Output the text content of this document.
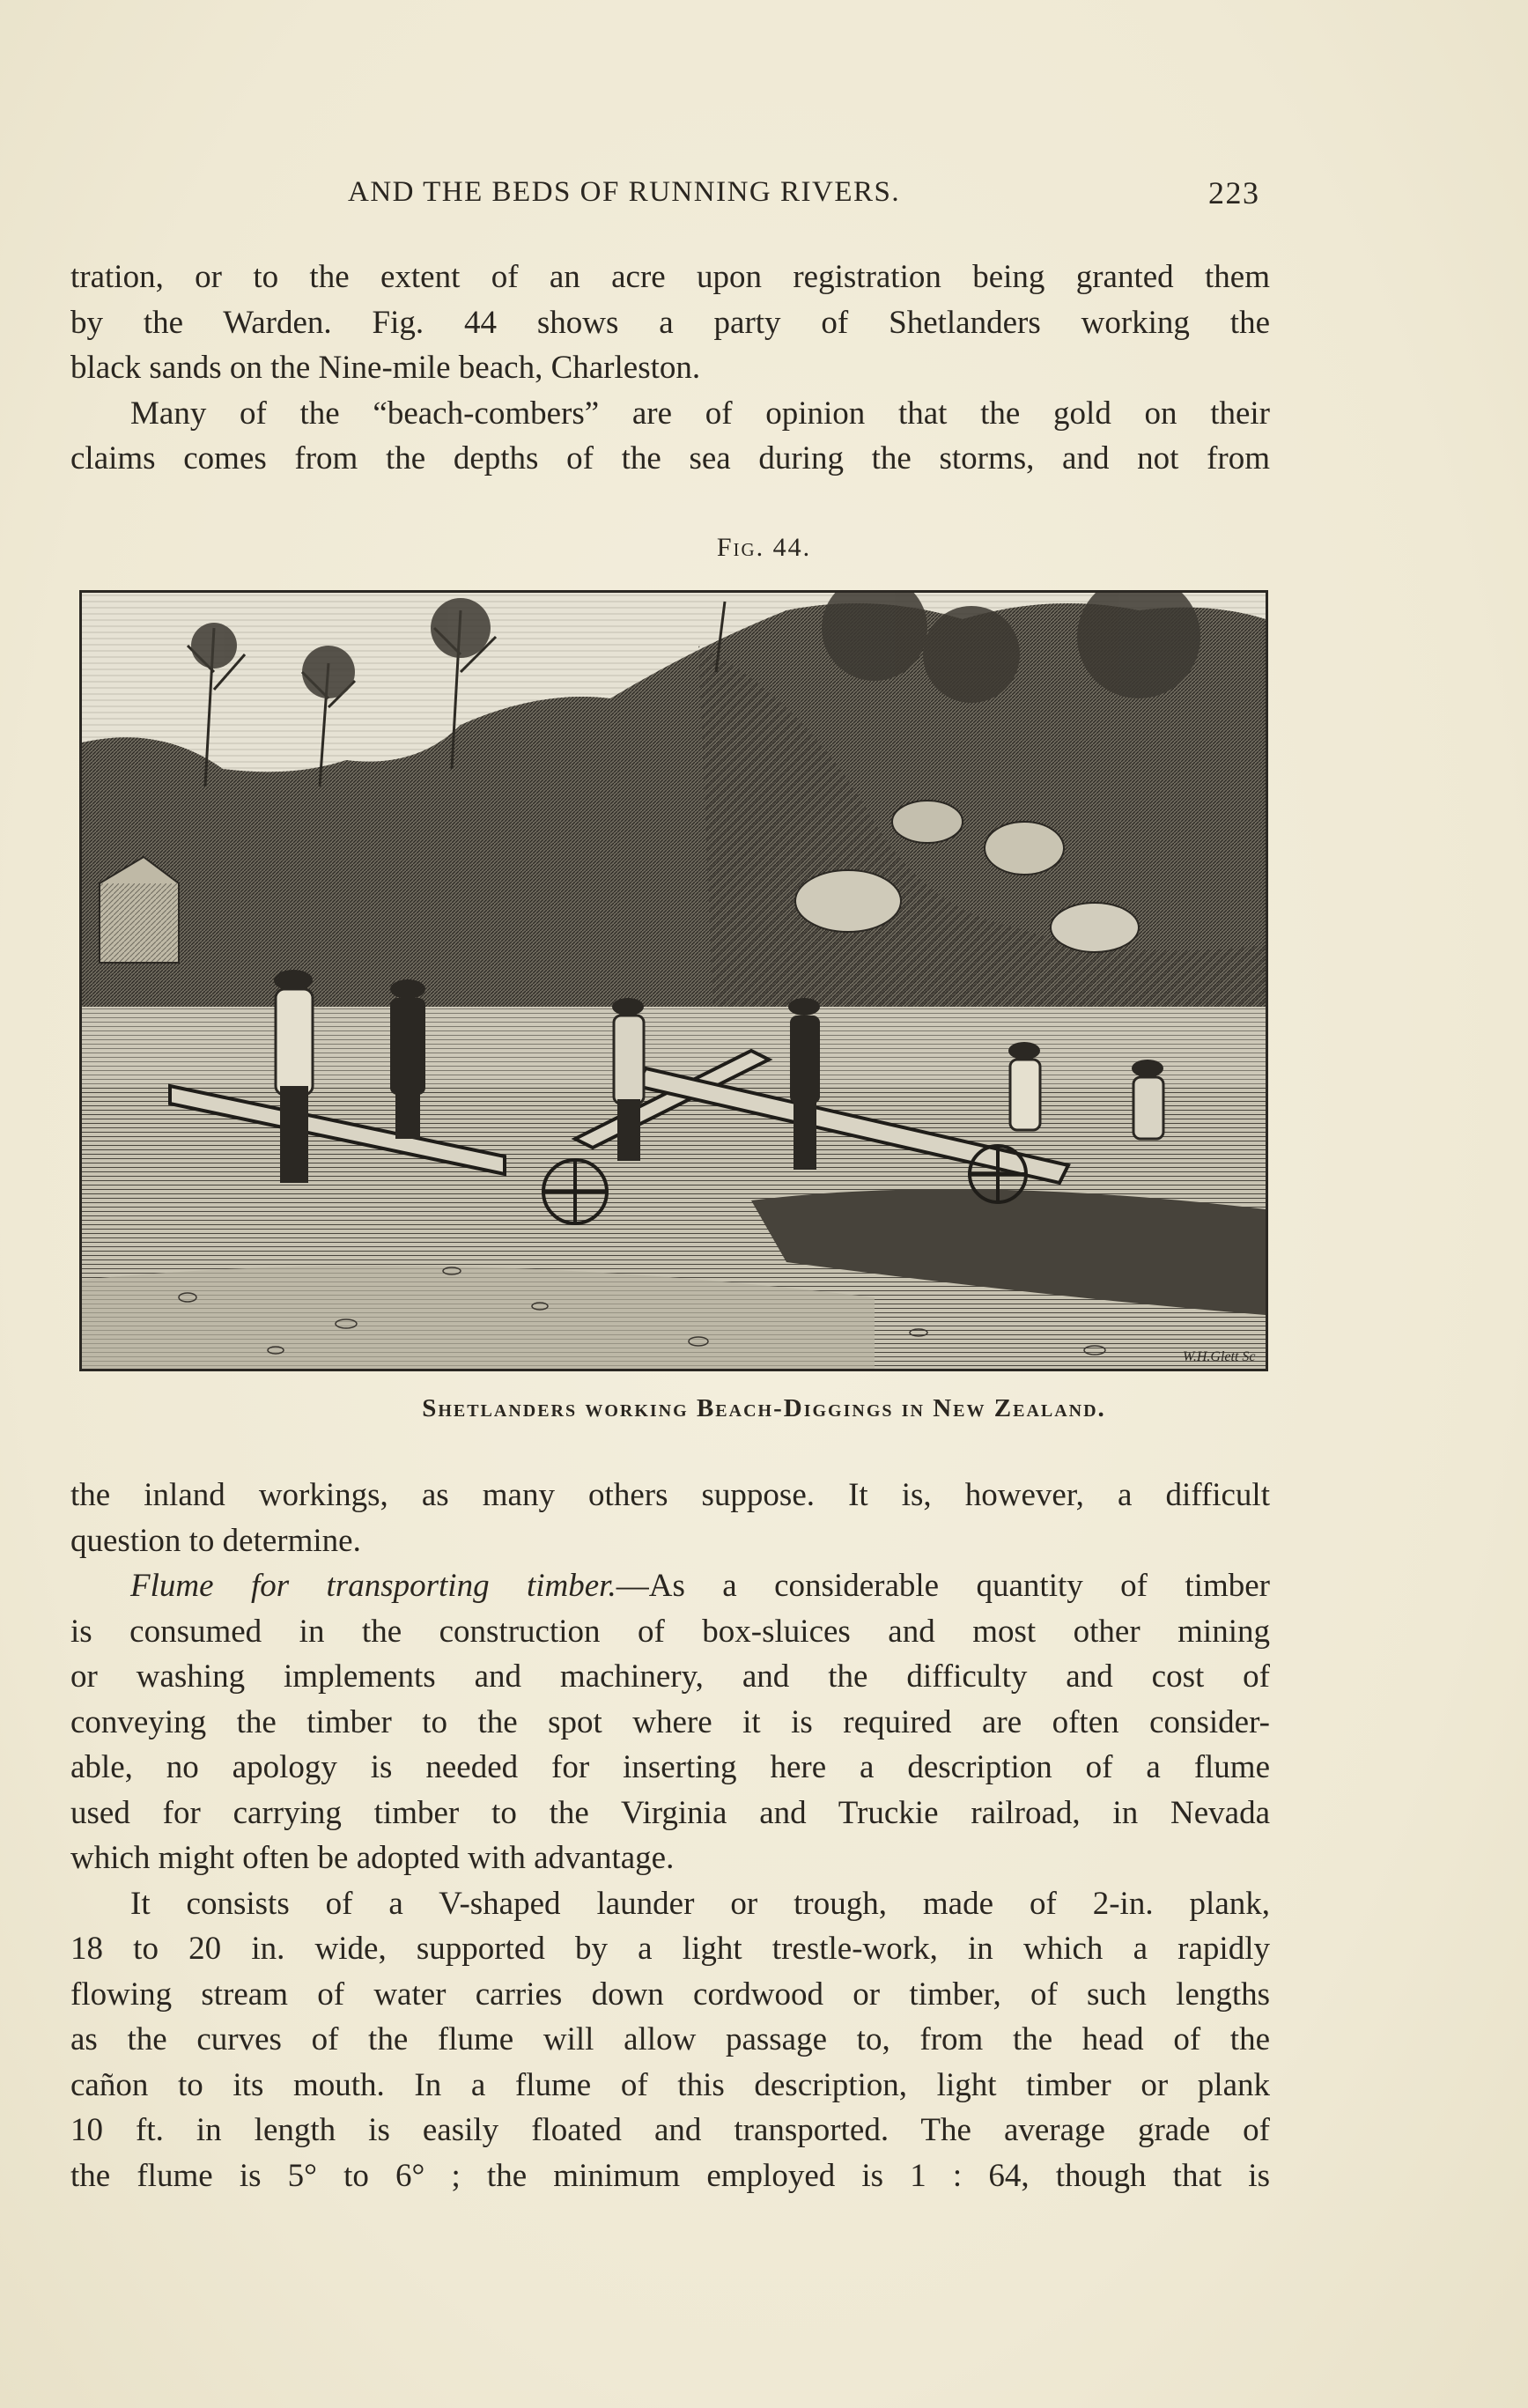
AND THE BEDS OF RUNNING RIVERS.	223
tration, or to the extent of an acre upon registration being granted them
by the Warden. Fig. 44 shows a party of Shetlanders working the
black sands on the Nine-mile beach, Charleston.
Many of the “beach-combers” are of opinion that the gold on their
claims comes from the depths of the sea during the storms, and not from
Fig. 44.
W.H.Glett Sc
Shetlanders working Beach-Diggings in New Zealand.
the inland workings, as many others suppose. It is, however, a difficult
question to determine.
Flume for transporting timber.—As a considerable quantity of timber
is consumed in the construction of box-sluices and most other mining
or washing implements and machinery, and the difficulty and cost of
conveying the timber to the spot where it is required are often consider-
able, no apology is needed for inserting here a description of a flume
used for carrying timber to the Virginia and Truckie railroad, in Nevada
which might often be adopted with advantage.
It consists of a V-shaped launder or trough, made of 2-in. plank,
18 to 20 in. wide, supported by a light trestle-work, in which a rapidly
flowing stream of water carries down cordwood or timber, of such lengths
as the curves of the flume will allow passage to, from the head of the
cañon to its mouth. In a flume of this description, light timber or plank
10 ft. in length is easily floated and transported. The average grade of
the flume is 5° to 6° ; the minimum employed is 1 : 64, though that is
